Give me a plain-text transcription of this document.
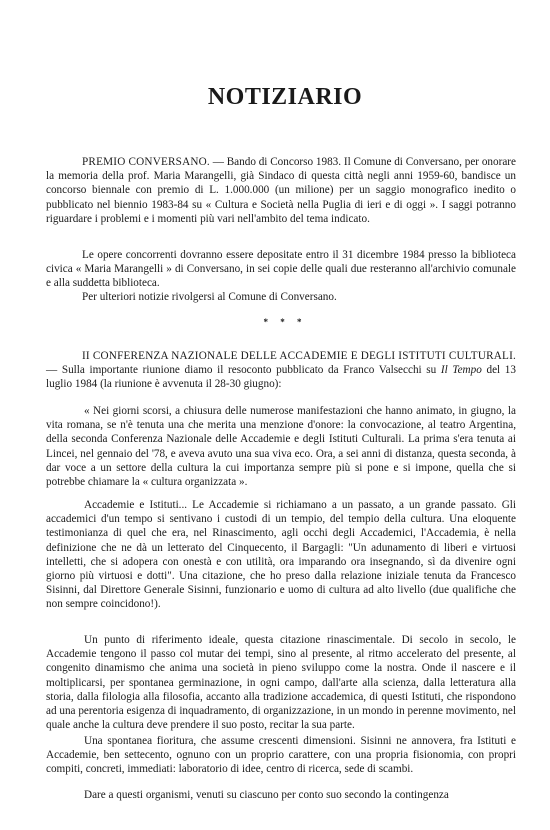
NOTIZIARIO

PREMIO CONVERSANO. — Bando di Concorso 1983. Il Comune di Conversano, per onorare la memoria della prof. Maria Marangelli, già Sindaco di questa città negli anni 1959-60, bandisce un concorso biennale con premio di L. 1.000.000 (un milione) per un saggio monografico inedito o pubblicato nel biennio 1983-84 su « Cultura e Società nella Puglia di ieri e di oggi ». I saggi potranno riguardare i problemi e i momenti più vari nell'ambito del tema indicato.

Le opere concorrenti dovranno essere depositate entro il 31 dicembre 1984 presso la biblioteca civica « Maria Marangelli » di Conversano, in sei copie delle quali due resteranno all'archivio comunale e alla suddetta biblioteca.

Per ulteriori notizie rivolgersi al Comune di Conversano.

* * *

II CONFERENZA NAZIONALE DELLE ACCADEMIE E DEGLI ISTITUTI CULTURALI. — Sulla importante riunione diamo il resoconto pubblicato da Franco Valsecchi su Il Tempo del 13 luglio 1984 (la riunione è avvenuta il 28-30 giugno):

« Nei giorni scorsi, a chiusura delle numerose manifestazioni che hanno animato, in giugno, la vita romana, se n'è tenuta una che merita una menzione d'onore: la convocazione, al teatro Argentina, della seconda Conferenza Nazionale delle Accademie e degli Istituti Culturali. La prima s'era tenuta ai Lincei, nel gennaio del '78, e aveva avuto una sua viva eco. Ora, a sei anni di distanza, questa seconda, à dar voce a un settore della cultura la cui importanza sempre più si pone e si impone, quella che si potrebbe chiamare la « cultura organizzata ».

Accademie e Istituti... Le Accademie si richiamano a un passato, a un grande passato. Gli accademici d'un tempo si sentivano i custodi di un tempio, del tempio della cultura. Una eloquente testimonianza di quel che era, nel Rinascimento, agli occhi degli Accademici, l'Accademia, è nella definizione che ne dà un letterato del Cinquecento, il Bargagli: "Un adunamento di liberi e virtuosi intelletti, che si adopera con onestà e con utilità, ora imparando ora insegnando, sì da divenire ogni giorno più virtuosi e dotti". Una citazione, che ho preso dalla relazione iniziale tenuta da Francesco Sisinni, dal Direttore Generale Sisinni, funzionario e uomo di cultura ad alto livello (due qualifiche che non sempre coincidono!).

Un punto di riferimento ideale, questa citazione rinascimentale. Di secolo in secolo, le Accademie tengono il passo col mutar dei tempi, sino al presente, al ritmo accelerato del presente, al congenito dinamismo che anima una società in pieno sviluppo come la nostra. Onde il nascere e il moltiplicarsi, per spontanea germinazione, in ogni campo, dall'arte alla scienza, dalla letteratura alla storia, dalla filologia alla filosofia, accanto alla tradizione accademica, di questi Istituti, che rispondono ad una perentoria esigenza di inquadramento, di organizzazione, in un mondo in perenne movimento, nel quale anche la cultura deve prendere il suo posto, recitar la sua parte.

Una spontanea fioritura, che assume crescenti dimensioni. Sisinni ne annovera, fra Istituti e Accademie, ben settecento, ognuno con un proprio carattere, con una propria fisionomia, con propri compiti, concreti, immediati: laboratorio di idee, centro di ricerca, sede di scambi.

Dare a questi organismi, venuti su ciascuno per conto suo secondo la contingenza
